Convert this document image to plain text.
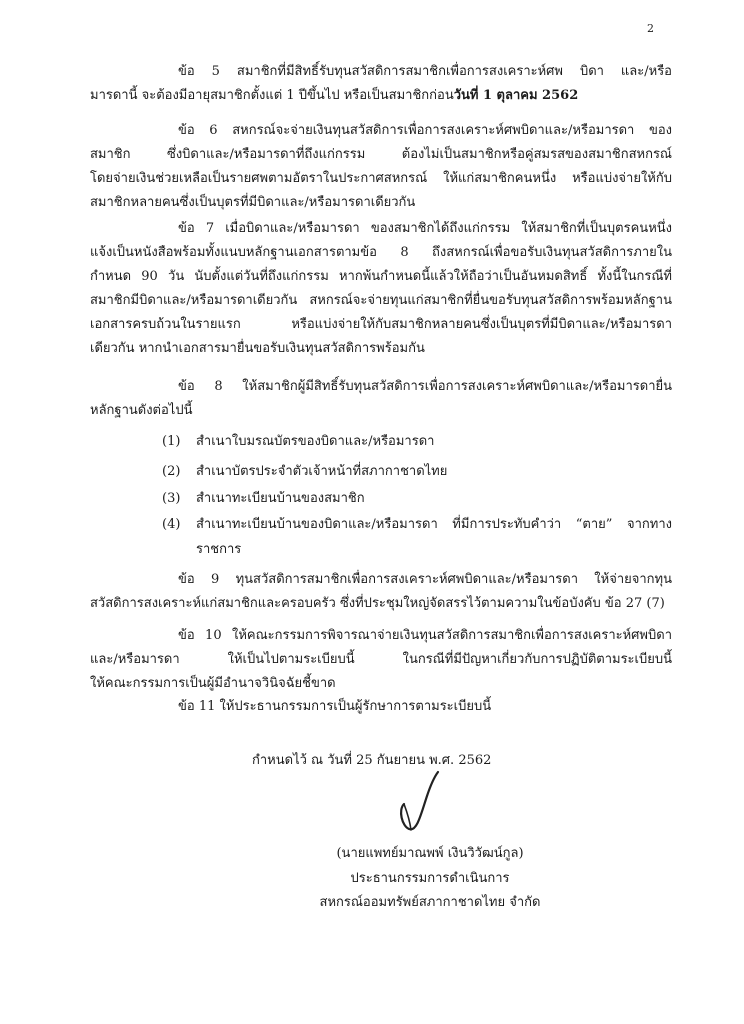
2
ข้อ 5 สมาชิกที่มีสิทธิ์รับทุนสวัสดิการสมาชิกเพื่อการสงเคราะห์ศพ บิดา และ/หรือ
มารดานี้ จะต้องมีอายุสมาชิกตั้งแต่ 1 ปีขึ้นไป หรือเป็นสมาชิกก่อนวันที่ 1 ตุลาคม 2562
ข้อ 6 สหกรณ์จะจ่ายเงินทุนสวัสดิการเพื่อการสงเคราะห์ศพบิดาและ/หรือมารดา ของ
สมาชิก ซึ่งบิดาและ/หรือมารดาที่ถึงแก่กรรม ต้องไม่เป็นสมาชิกหรือคู่สมรสของสมาชิกสหกรณ์
โดยจ่ายเงินช่วยเหลือเป็นรายศพตามอัตราในประกาศสหกรณ์ ให้แก่สมาชิกคนหนึ่ง หรือแบ่งจ่ายให้กับ
สมาชิกหลายคนซึ่งเป็นบุตรที่มีบิดาและ/หรือมารดาเดียวกัน
ข้อ 7 เมื่อบิดาและ/หรือมารดา ของสมาชิกได้ถึงแก่กรรม ให้สมาชิกที่เป็นบุตรคนหนึ่ง
แจ้งเป็นหนังสือพร้อมทั้งแนบหลักฐานเอกสารตามข้อ 8 ถึงสหกรณ์เพื่อขอรับเงินทุนสวัสดิการภายใน
กำหนด 90 วัน นับตั้งแต่วันที่ถึงแก่กรรม หากพ้นกำหนดนี้แล้วให้ถือว่าเป็นอันหมดสิทธิ์ ทั้งนี้ในกรณีที่
สมาชิกมีบิดาและ/หรือมารดาเดียวกัน สหกรณ์จะจ่ายทุนแก่สมาชิกที่ยื่นขอรับทุนสวัสดิการพร้อมหลักฐาน
เอกสารครบถ้วนในรายแรก หรือแบ่งจ่ายให้กับสมาชิกหลายคนซึ่งเป็นบุตรที่มีบิดาและ/หรือมารดา
เดียวกัน หากนำเอกสารมายื่นขอรับเงินทุนสวัสดิการพร้อมกัน
ข้อ 8 ให้สมาชิกผู้มีสิทธิ์รับทุนสวัสดิการเพื่อการสงเคราะห์ศพบิดาและ/หรือมารดายื่น
หลักฐานดังต่อไปนี้
(1) สำเนาใบมรณบัตรของบิดาและ/หรือมารดา
(2) สำเนาบัตรประจำตัวเจ้าหน้าที่สภากาชาดไทย
(3) สำเนาทะเบียนบ้านของสมาชิก
(4) สำเนาทะเบียนบ้านของบิดาและ/หรือมารดา ที่มีการประทับคำว่า “ตาย” จากทาง
ราชการ
ข้อ 9 ทุนสวัสดิการสมาชิกเพื่อการสงเคราะห์ศพบิดาและ/หรือมารดา ให้จ่ายจากทุน
สวัสดิการสงเคราะห์แก่สมาชิกและครอบครัว ซึ่งที่ประชุมใหญ่จัดสรรไว้ตามความในข้อบังคับ ข้อ 27 (7)
ข้อ 10 ให้คณะกรรมการพิจารณาจ่ายเงินทุนสวัสดิการสมาชิกเพื่อการสงเคราะห์ศพบิดา
และ/หรือมารดา ให้เป็นไปตามระเบียบนี้ ในกรณีที่มีปัญหาเกี่ยวกับการปฏิบัติตามระเบียบนี้
ให้คณะกรรมการเป็นผู้มีอำนาจวินิจฉัยชี้ขาด
ข้อ 11 ให้ประธานกรรมการเป็นผู้รักษาการตามระเบียบนี้
กำหนดไว้ ณ วันที่ 25 กันยายน พ.ศ. 2562
(นายแพทย์มาณพพ์ เงินวิวัฒน์กูล)
ประธานกรรมการดำเนินการ
สหกรณ์ออมทรัพย์สภากาชาดไทย จำกัด
